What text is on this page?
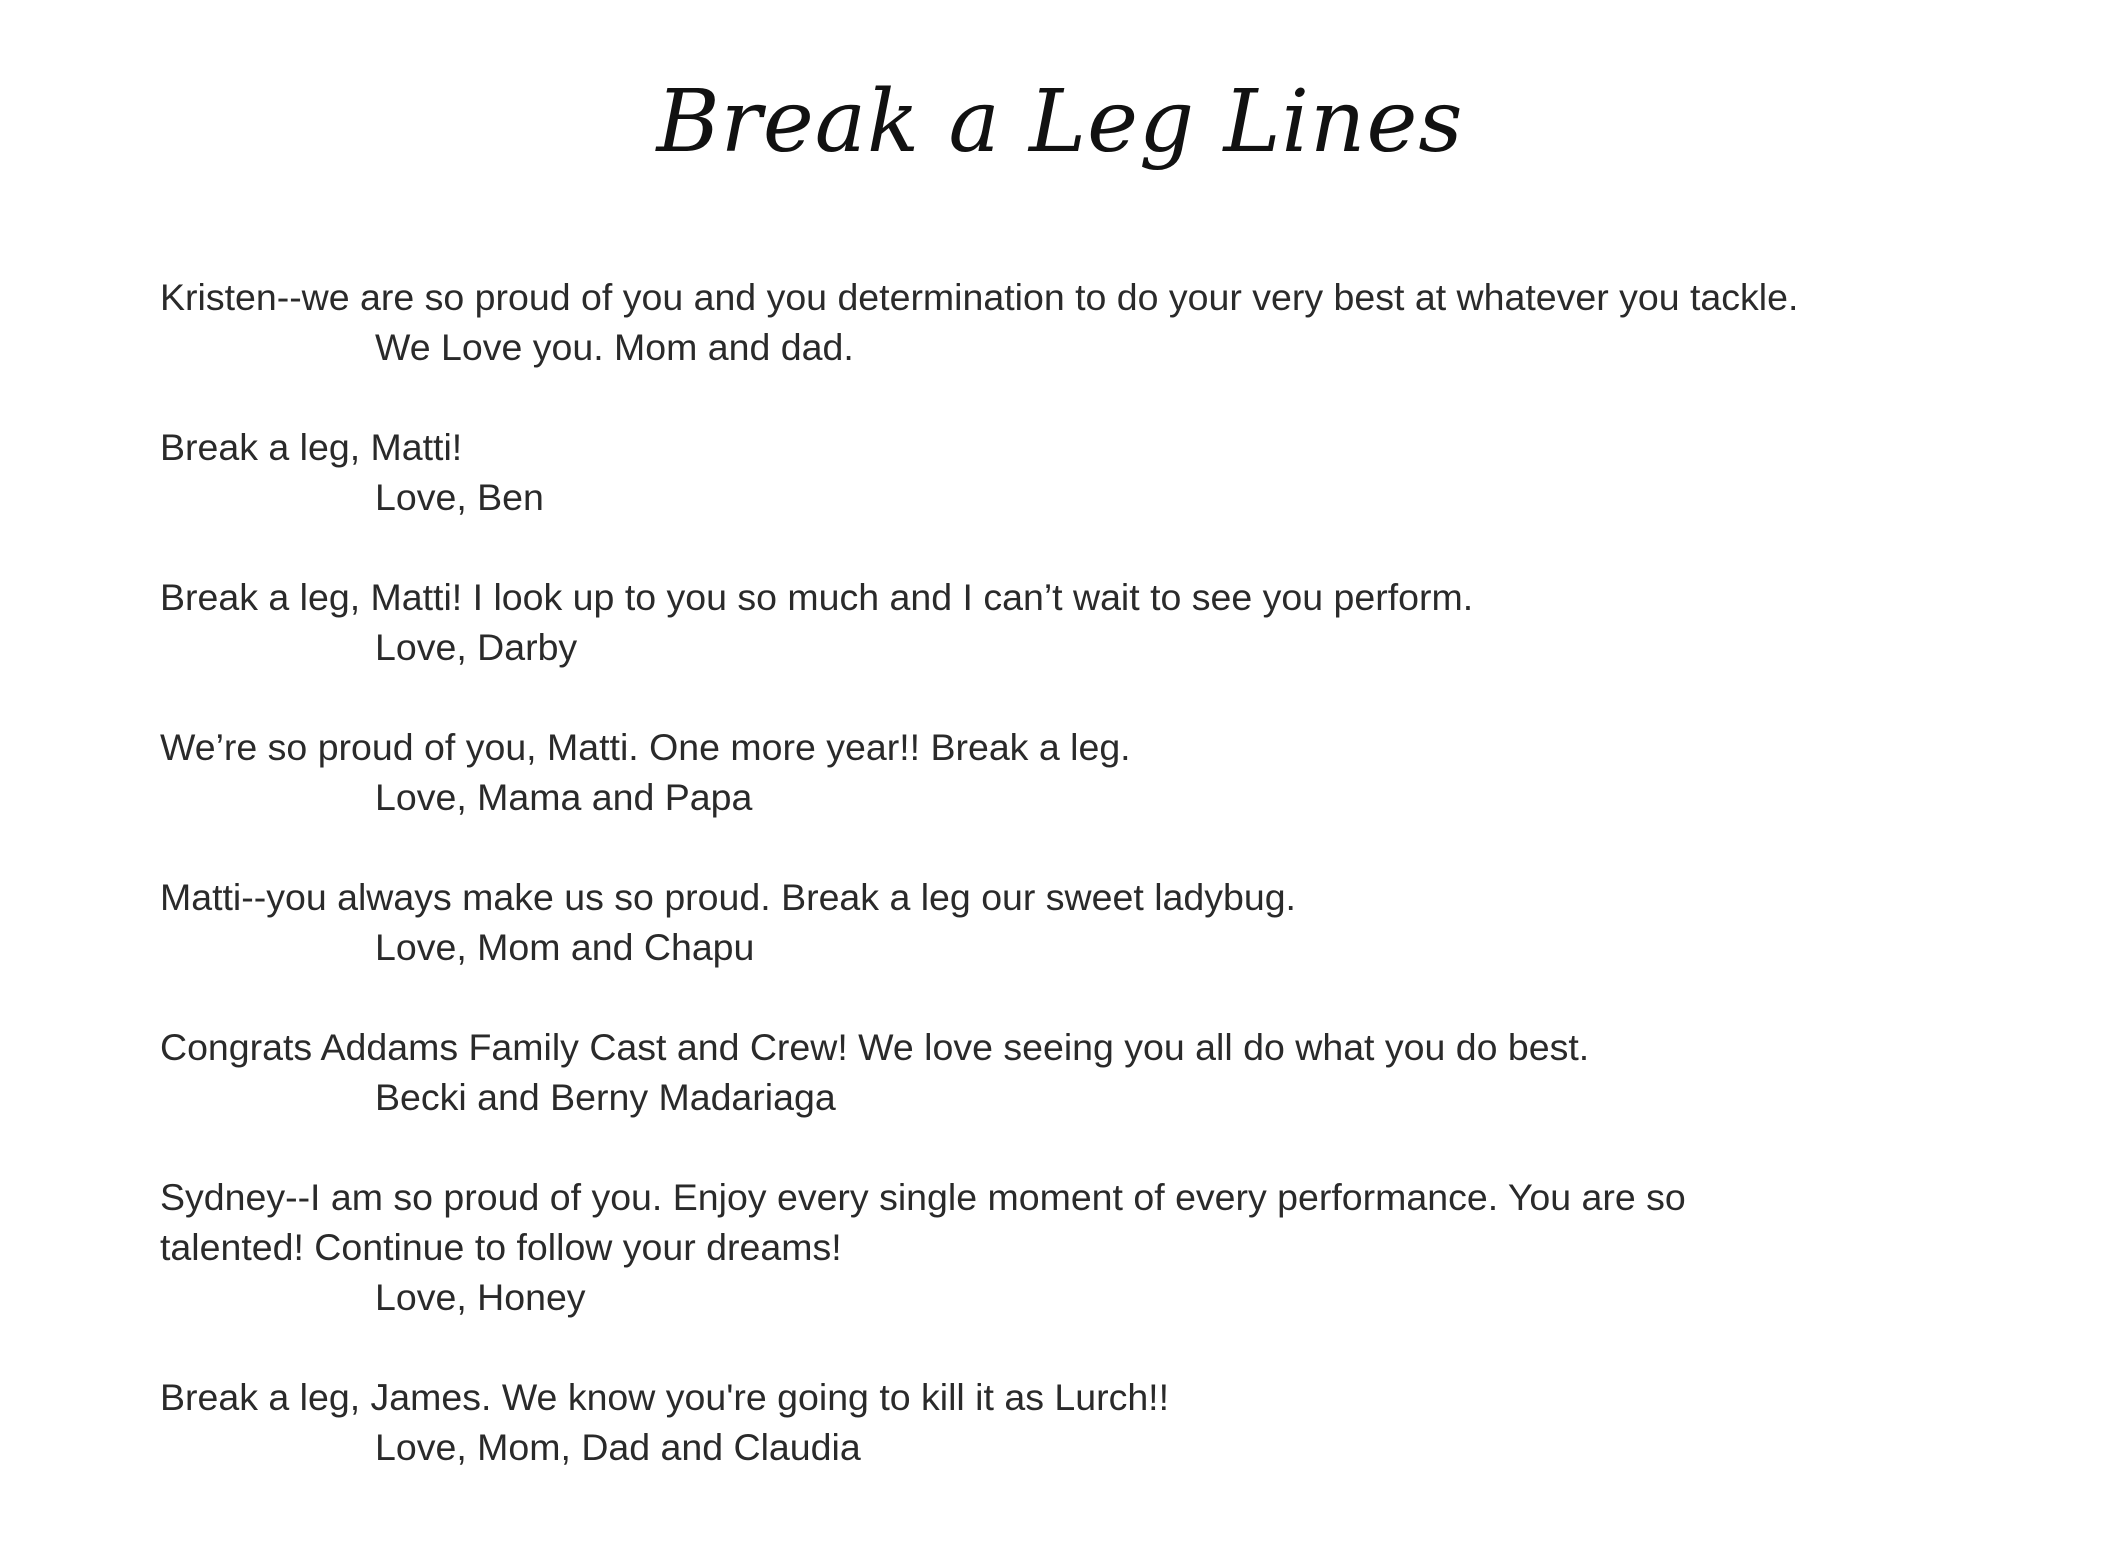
Break a Leg Lines
Kristen--we are so proud of you and you determination to do your very best at whatever you tackle.
We Love you. Mom and dad.
Break a leg, Matti!
Love, Ben
Break a leg, Matti! I look up to you so much and I can’t wait to see you perform.
Love, Darby
We’re so proud of you, Matti. One more year!! Break a leg.
Love, Mama and Papa
Matti--you always make us so proud. Break a leg our sweet ladybug.
Love, Mom and Chapu
Congrats Addams Family Cast and Crew! We love seeing you all do what you do best.
Becki and Berny Madariaga
Sydney--I am so proud of you. Enjoy every single moment of every performance. You are so
talented! Continue to follow your dreams!
Love, Honey
Break a leg, James. We know you're going to kill it as Lurch!!
Love, Mom, Dad and Claudia
